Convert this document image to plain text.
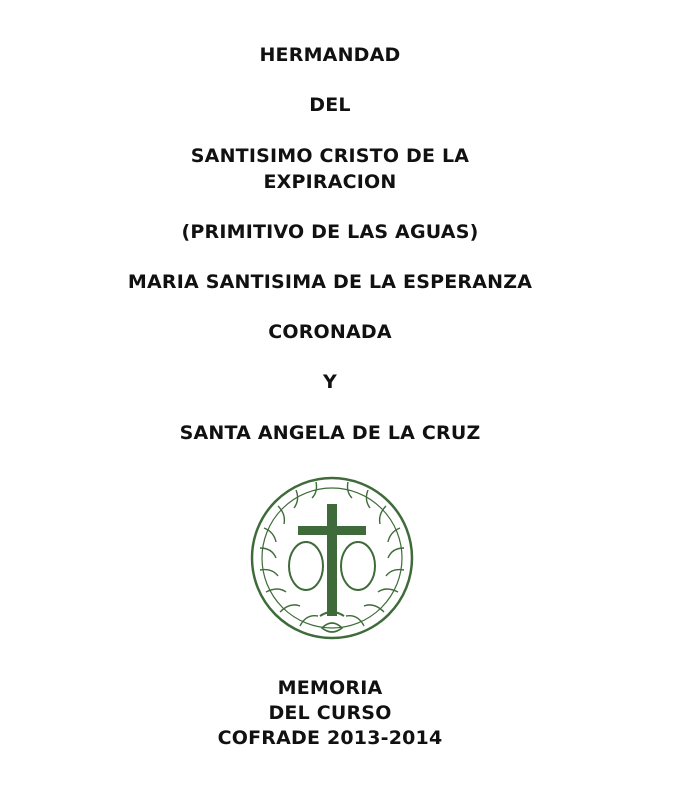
HERMANDAD
DEL
SANTISIMO CRISTO DE LA
EXPIRACION
(PRIMITIVO DE LAS AGUAS)
MARIA SANTISIMA DE LA ESPERANZA
CORONADA
Y
SANTA ANGELA DE LA CRUZ
MEMORIA
DEL CURSO
COFRADE 2013-2014
